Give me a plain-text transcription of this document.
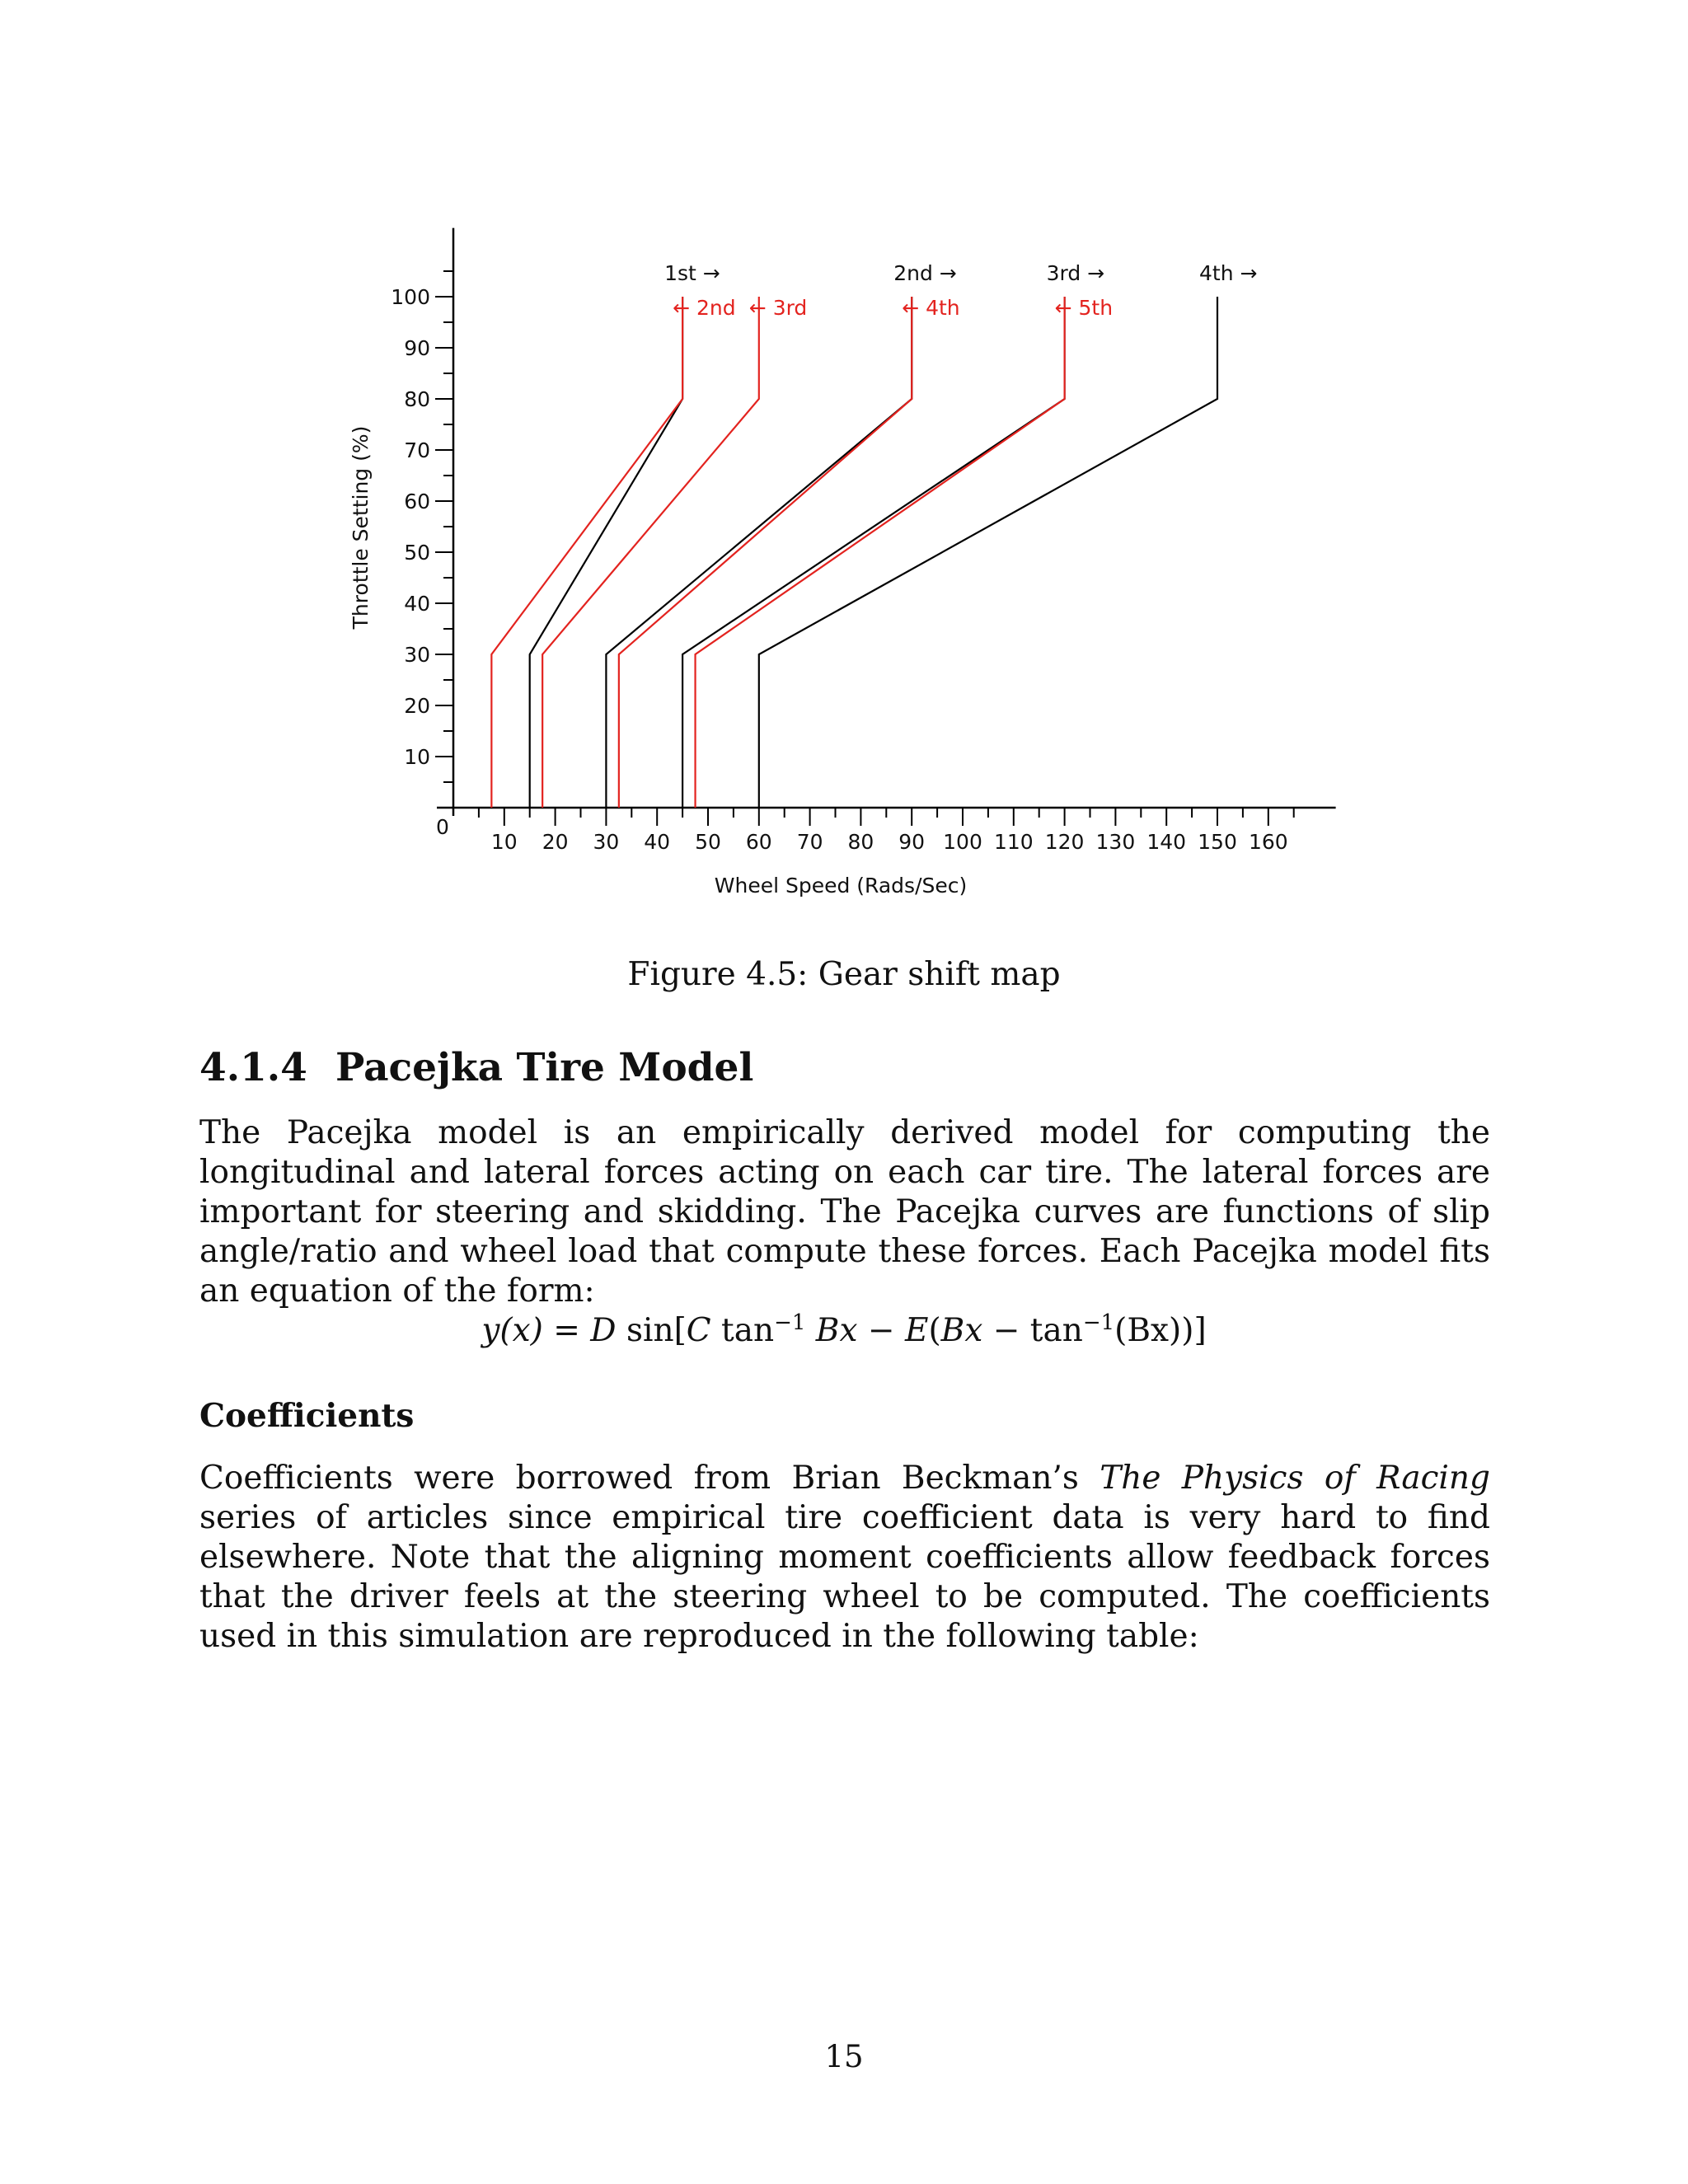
10
20
30
40
50
60
70
80
90
100
10 20 30 40 50 60 70 80 90 100 110 120 130 140 150 160
1st →
← 2nd
2nd →
← 3rd
3rd →
← 4th
4th →
← 5th
Throttle Setting (%)
Wheel Speed (Rads/Sec)
0
Figure 4.5: Gear shift map
4.1.4 Pacejka Tire Model
The Pacejka model is an empirically derived model for computing the longitudinal and lateral forces acting on each car tire. The lateral forces are important for steering and skidding. The Pacejka curves are functions of slip angle/ratio and wheel load that compute these forces. Each Pacejka model fits an equation of the form:
y(x) = D sin[C $\tan^{-1} Bx - E(Bx - \tan^{-1}(Bx))$]
Coefficients
Coefficients were borrowed from Brian Beckman’s The Physics of Racing series of articles since empirical tire coefficient data is very hard to find elsewhere. Note that the aligning moment coefficients allow feedback forces that the driver feels at the steering wheel to be computed. The coefficients used in this simulation are reproduced in the following table:
15
